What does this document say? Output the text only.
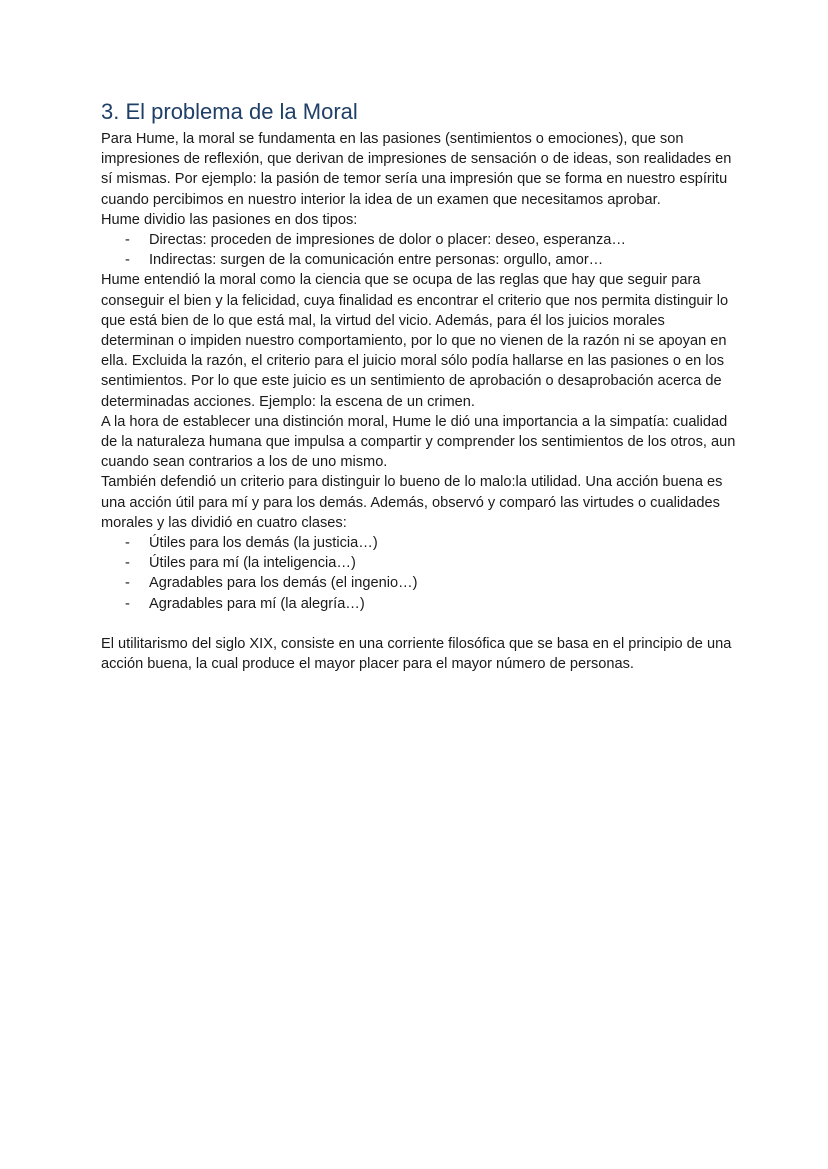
3. El problema de la Moral

Para Hume, la moral se fundamenta en las pasiones (sentimientos o emociones), que son impresiones de reflexión, que derivan de impresiones de sensación o de ideas, son realidades en sí mismas. Por ejemplo: la pasión de temor sería una impresión que se forma en nuestro espíritu cuando percibimos en nuestro interior la idea de un examen que necesitamos aprobar.

Hume dividio las pasiones en dos tipos:

- Directas: proceden de impresiones de dolor o placer: deseo, esperanza…
- Indirectas: surgen de la comunicación entre personas: orgullo, amor…

Hume entendió la moral como la ciencia que se ocupa de las reglas que hay que seguir para conseguir el bien y la felicidad, cuya finalidad es encontrar el criterio que nos permita distinguir lo que está bien de lo que está mal, la virtud del vicio. Además, para él los juicios morales determinan o impiden nuestro comportamiento, por lo que no vienen de la razón ni se apoyan en ella. Excluida la razón, el criterio para el juicio moral sólo podía hallarse en las pasiones o en los sentimientos. Por lo que este juicio es un sentimiento de aprobación o desaprobación acerca de determinadas acciones. Ejemplo: la escena de un crimen.

A la hora de establecer una distinción moral, Hume le dió una importancia a la simpatía: cualidad de la naturaleza humana que impulsa a compartir y comprender los sentimientos de los otros, aun cuando sean contrarios a los de uno mismo.

También defendió un criterio para distinguir lo bueno de lo malo:la utilidad. Una acción buena es una acción útil para mí y para los demás. Además, observó y comparó las virtudes o cualidades morales y las dividió en cuatro clases:

- Útiles para los demás (la justicia…)
- Útiles para mí (la inteligencia…)
- Agradables para los demás (el ingenio…)
- Agradables para mí (la alegría…)

El utilitarismo del siglo XIX, consiste en una corriente filosófica que se basa en el principio de una acción buena, la cual produce el mayor placer para el mayor número de personas.
